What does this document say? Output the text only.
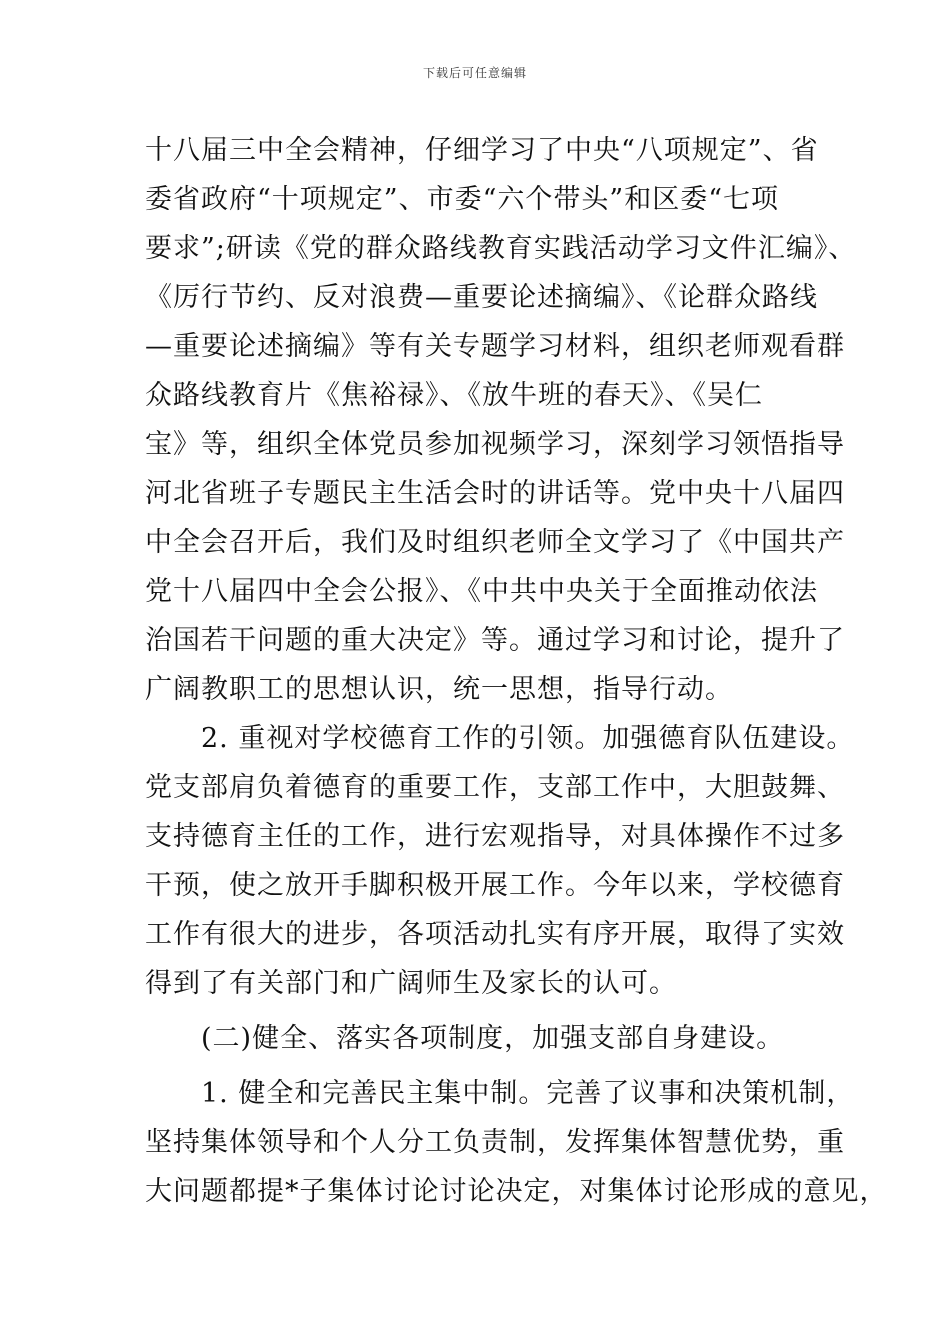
下载后可任意编辑
十八届三中全会精神，仔细学习了中央“八项规定”、省
委省政府“十项规定”、市委“六个带头”和区委“七项
要求”;研读《党的群众路线教育实践活动学习文件汇编》、
《厉行节约、反对浪费—重要论述摘编》、《论群众路线
—重要论述摘编》等有关专题学习材料，组织老师观看群
众路线教育片《焦裕禄》、《放牛班的春天》、《吴仁
宝》等，组织全体党员参加视频学习，深刻学习领悟指导
河北省班子专题民主生活会时的讲话等。党中央十八届四
中全会召开后，我们及时组织老师全文学习了《中国共产
党十八届四中全会公报》、《中共中央关于全面推动依法
治国若干问题的重大决定》等。通过学习和讨论，提升了
广阔教职工的思想认识，统一思想，指导行动。
　　2. 重视对学校德育工作的引领。加强德育队伍建设。
党支部肩负着德育的重要工作，支部工作中，大胆鼓舞、
支持德育主任的工作，进行宏观指导，对具体操作不过多
干预，使之放开手脚积极开展工作。今年以来，学校德育
工作有很大的进步，各项活动扎实有序开展，取得了实效
得到了有关部门和广阔师生及家长的认可。
　　(二)健全、落实各项制度，加强支部自身建设。
　　1. 健全和完善民主集中制。完善了议事和决策机制，
坚持集体领导和个人分工负责制，发挥集体智慧优势，重
大问题都提*子集体讨论讨论决定，对集体讨论形成的意见，
